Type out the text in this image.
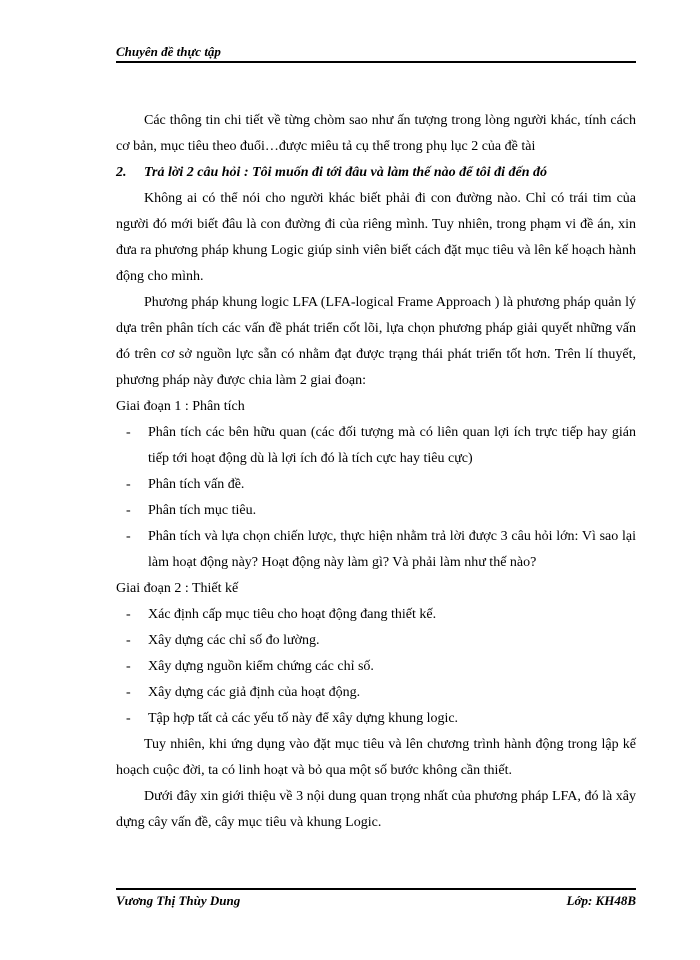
Chuyên đề thực tập

Các thông tin chi tiết về từng chòm sao như ấn tượng trong lòng người khác, tính cách cơ bản, mục tiêu theo đuổi…được miêu tả cụ thể trong phụ lục 2 của đề tài

2. Trả lời 2 câu hỏi : Tôi muốn đi tới đâu và làm thế nào để tôi đi đến đó

Không ai có thể nói cho người khác biết phải đi con đường nào. Chỉ có trái tim của người đó mới biết đâu là con đường đi của riêng mình. Tuy nhiên, trong phạm vi đề án, xin đưa ra phương pháp khung Logic giúp sinh viên biết cách đặt mục tiêu và lên kế hoạch hành động cho mình.

Phương pháp khung logic LFA (LFA-logical Frame Approach ) là phương pháp quản lý dựa trên phân tích các vấn đề phát triển cốt lõi, lựa chọn phương pháp giải quyết những vấn đó trên cơ sở nguồn lực sẵn có nhằm đạt được trạng thái phát triển tốt hơn. Trên lí thuyết, phương pháp này được chia làm 2 giai đoạn:

Giai đoạn 1 : Phân tích

- Phân tích các bên hữu quan (các đối tượng mà có liên quan lợi ích trực tiếp hay gián tiếp tới hoạt động dù là lợi ích đó là tích cực hay tiêu cực)
- Phân tích vấn đề.
- Phân tích mục tiêu.
- Phân tích và lựa chọn chiến lược, thực hiện nhằm trả lời được 3 câu hỏi lớn: Vì sao lại làm hoạt động này? Hoạt động này làm gì? Và phải làm như thế nào?

Giai đoạn 2 : Thiết kế

- Xác định cấp mục tiêu cho hoạt động đang thiết kế.
- Xây dựng các chỉ số đo lường.
- Xây dựng nguồn kiểm chứng các chỉ số.
- Xây dựng các giả định của hoạt động.
- Tập hợp tất cả các yếu tố này để xây dựng khung logic.

Tuy nhiên, khi ứng dụng vào đặt mục tiêu và lên chương trình hành động trong lập kế hoạch cuộc đời, ta có linh hoạt và bỏ qua một số bước không cần thiết.

Dưới đây xin giới thiệu về 3 nội dung quan trọng nhất của phương pháp LFA, đó là xây dựng cây vấn đề, cây mục tiêu và khung Logic.

Vương Thị Thùy Dung	Lớp: KH48B
